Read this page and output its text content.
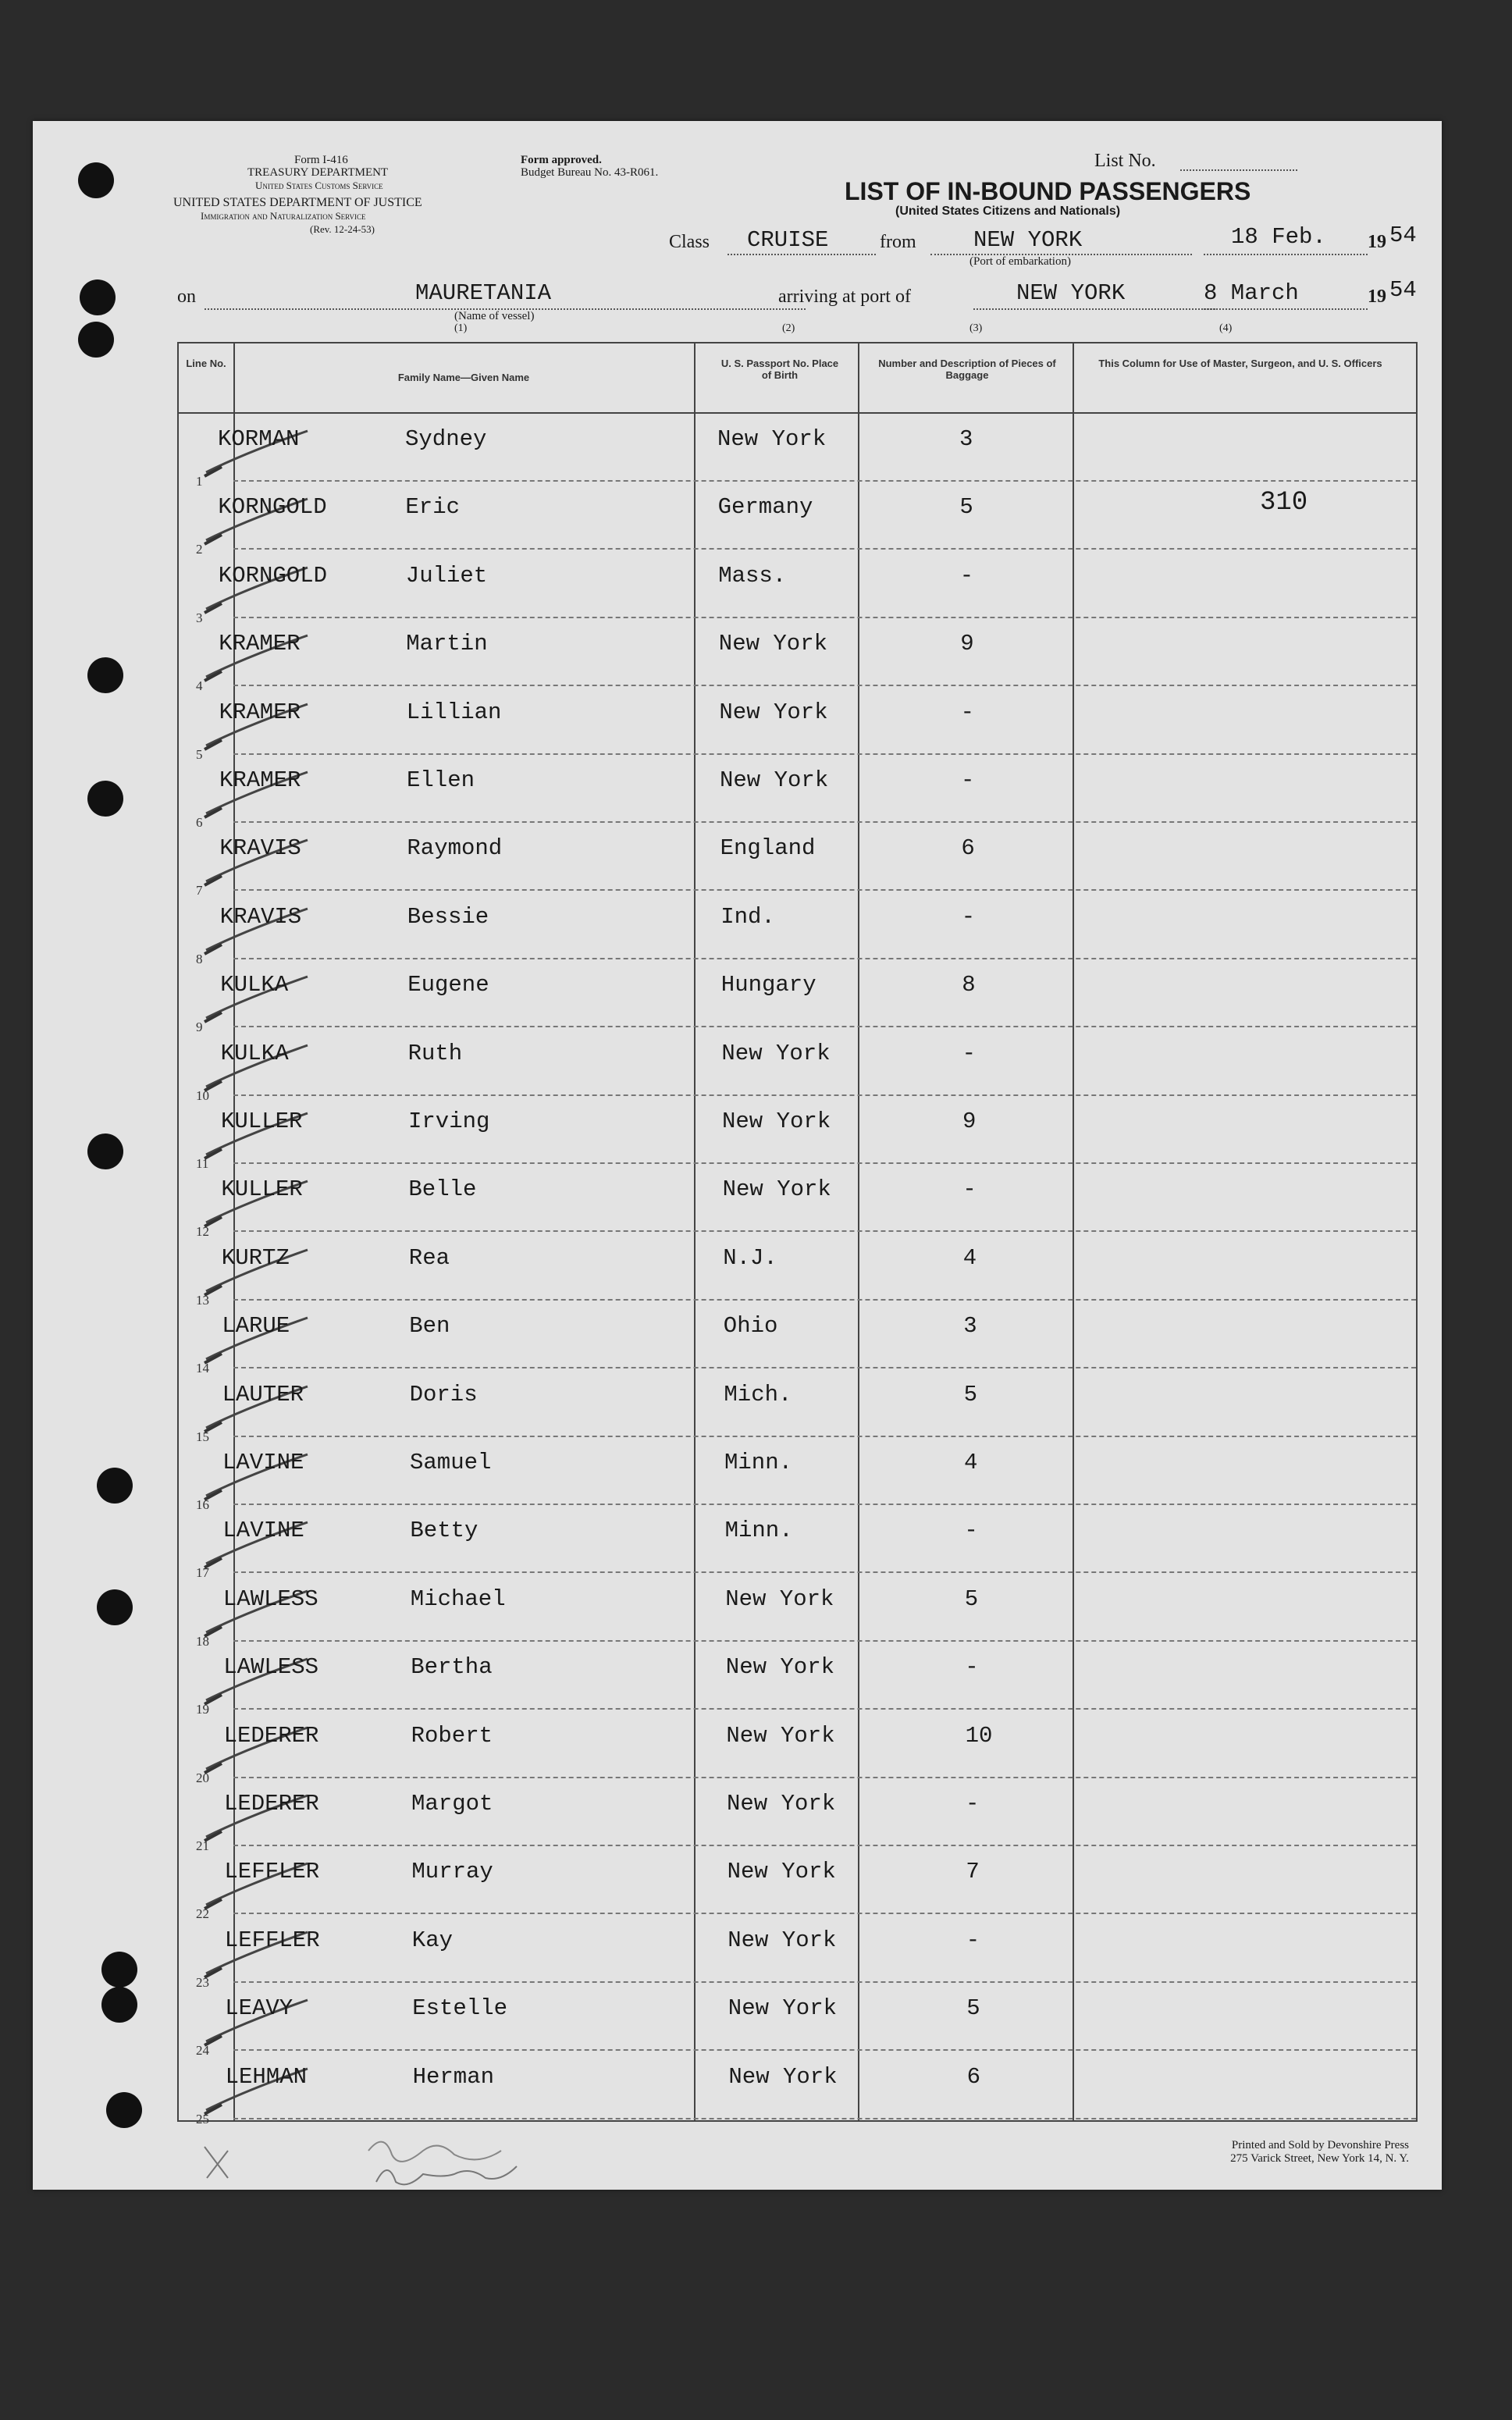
Form I-416
TREASURY DEPARTMENT
United States Customs Service
UNITED STATES DEPARTMENT OF JUSTICE
Immigration and Naturalization Service
(Rev. 12-24-53)
Form approved.
Budget Bureau No. 43-R061.
List No.
LIST OF IN-BOUND PASSENGERS
(United States Citizens and Nationals)
Class CRUISE	from	NEW YORK
(Port of embarkation)
18 Feb. 19 54
on	MAURETANIA
(Name of vessel)
(1)
arriving at port of
(2)
NEW YORK
(3)
8 March
(4)
19 54
Line No.
Family Name—Given Name
U. S. Passport No. Place of Birth
Number and Description of Pieces of Baggage
This Column for Use of Master, Surgeon, and U. S. Officers
1
KORMAN	Sydney	New York	3
2
KORNGOLD	Eric	Germany	5	310
3
KORNGOLD	Juliet	Mass.	-
4
KRAMER	Martin	New York	9
5
KRAMER	Lillian	New York	-
6
KRAMER	Ellen	New York	-
7
KRAVIS	Raymond	England	6
8
KRAVIS	Bessie	Ind.	-
9
KULKA	Eugene	Hungary	8
10
KULKA	Ruth	New York	-
11
KULLER	Irving	New York	9
12
KULLER	Belle	New York	-
13
KURTZ	Rea	N.J.	4
14
LARUE	Ben	Ohio	3
15
LAUTER	Doris	Mich.	5
16
LAVINE	Samuel	Minn.	4
17
LAVINE	Betty	Minn.	-
18
LAWLESS	Michael	New York	5
19
LAWLESS	Bertha	New York	-
20
LEDERER	Robert	New York	10
21
LEDERER	Margot	New York	-
22
LEFFLER	Murray	New York	7
23
LEFFLER	Kay	New York	-
24
LEAVY	Estelle	New York	5
25
LEHMAN	Herman	New York	6
Printed and Sold by Devonshire Press
275 Varick Street, New York 14, N. Y.
